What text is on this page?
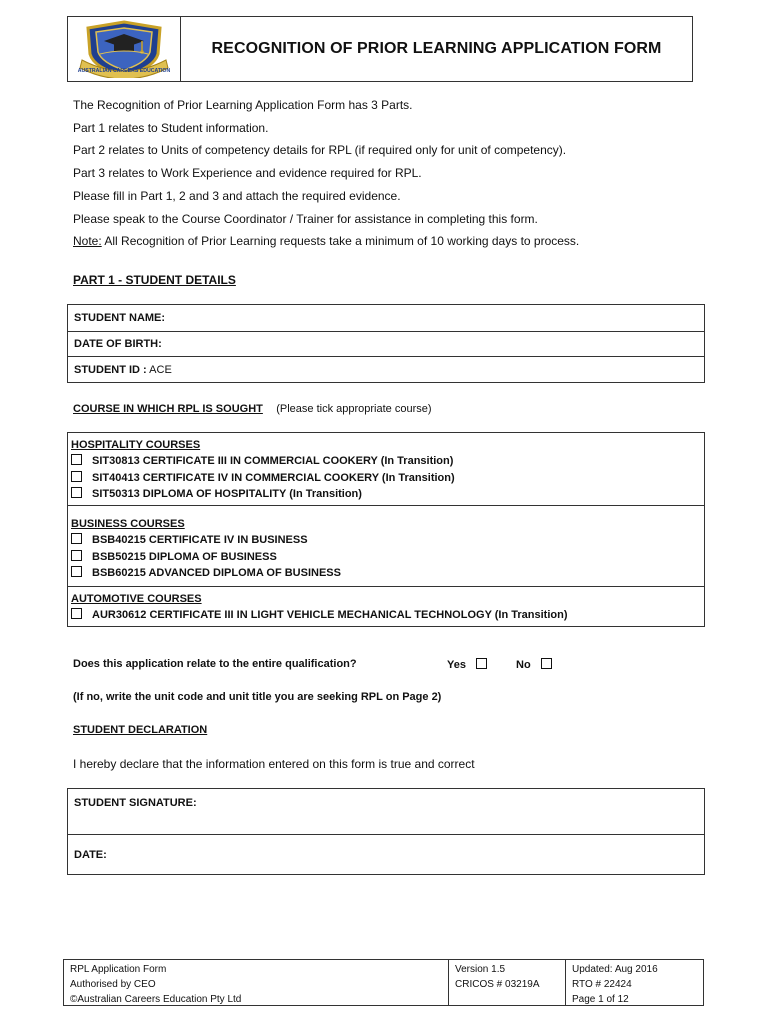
AUSTRALIAN CAREERS EDUCATION
RECOGNITION OF PRIOR LEARNING APPLICATION FORM
The Recognition of Prior Learning Application Form has 3 Parts.
Part 1 relates to Student information.
Part 2 relates to Units of competency details for RPL (if required only for unit of competency).
Part 3 relates to Work Experience and evidence required for RPL.
Please fill in Part 1, 2 and 3 and attach the required evidence.
Please speak to the Course Coordinator / Trainer for assistance in completing this form.
Note: All Recognition of Prior Learning requests take a minimum of 10 working days to process.
PART 1 - STUDENT DETAILS
STUDENT NAME:
DATE OF BIRTH:
STUDENT ID : ACE
COURSE IN WHICH RPL IS SOUGHT (Please tick appropriate course)
HOSPITALITY COURSES
SIT30813 CERTIFICATE III IN COMMERCIAL COOKERY (In Transition)
SIT40413 CERTIFICATE IV IN COMMERCIAL COOKERY (In Transition)
SIT50313 DIPLOMA OF HOSPITALITY (In Transition)
BUSINESS COURSES
BSB40215 CERTIFICATE IV IN BUSINESS
BSB50215 DIPLOMA OF BUSINESS
BSB60215 ADVANCED DIPLOMA OF BUSINESS
AUTOMOTIVE COURSES
AUR30612 CERTIFICATE III IN LIGHT VEHICLE MECHANICAL TECHNOLOGY (In Transition)
Does this application relate to the entire qualification?	Yes	No
(If no, write the unit code and unit title you are seeking RPL on Page 2)
STUDENT DECLARATION
I hereby declare that the information entered on this form is true and correct
STUDENT SIGNATURE:
DATE:
RPL Application Form
Authorised by CEO
©Australian Careers Education Pty Ltd
Version 1.5
CRICOS # 03219A
Updated: Aug 2016
RTO # 22424
Page 1 of 12
